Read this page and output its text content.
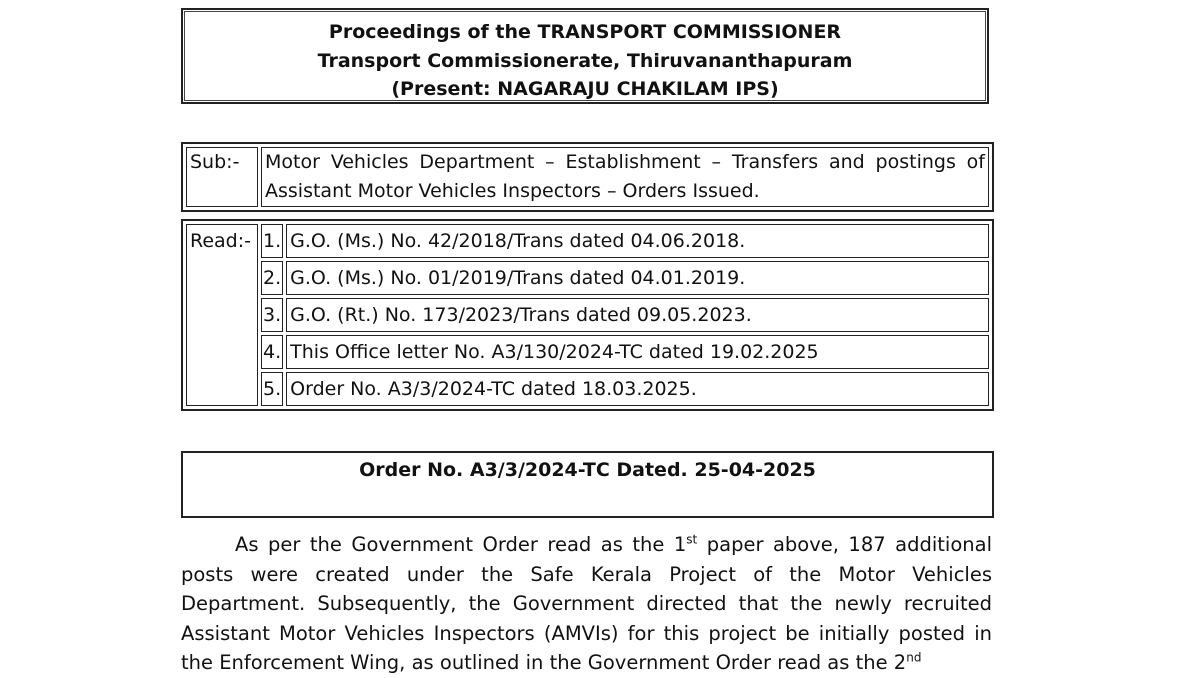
Proceedings of the TRANSPORT COMMISSIONER
Transport Commissionerate, Thiruvananthapuram
(Present: NAGARAJU CHAKILAM IPS)
Sub:-	Motor Vehicles Department – Establishment – Transfers and postings of Assistant Motor Vehicles Inspectors – Orders Issued.
Read:-	1.	G.O. (Ms.) No. 42/2018/Trans dated 04.06.2018.
	2.	G.O. (Ms.) No. 01/2019/Trans dated 04.01.2019.
	3.	G.O. (Rt.) No. 173/2023/Trans dated 09.05.2023.
	4.	This Office letter No. A3/130/2024-TC dated 19.02.2025
	5.	Order No. A3/3/2024-TC dated 18.03.2025.
Order No. A3/3/2024-TC Dated. 25-04-2025

As per the Government Order read as the 1st paper above, 187 additional posts were created under the Safe Kerala Project of the Motor Vehicles Department. Subsequently, the Government directed that the newly recruited Assistant Motor Vehicles Inspectors (AMVIs) for this project be initially posted in the Enforcement Wing, as outlined in the Government Order read as the 2nd
